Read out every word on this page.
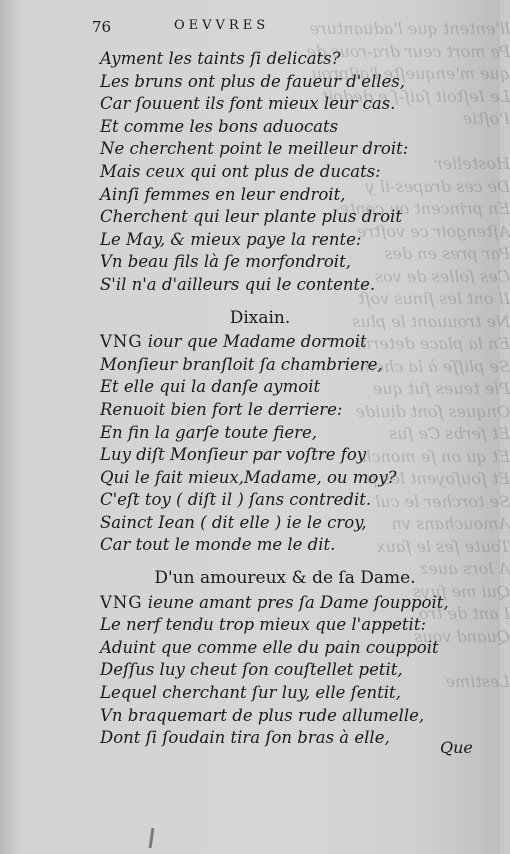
ll'entent que l'aduanture
Pe mort ceur dra-rous de
que m'enqueſte l'ailprou
Le Ieſtoit ſaiſ-ſ e dedoit
I'oſtie

Hostelier
De ces drapes-il y
En princent ou conte
Aſtengoir ce voſtre
Par pres en des
Ces ſolles de vos
Il ont les ſinus voſt
Ne trouuant le plus
En la place determ
Se pliſſe à la chem
Pie teues fut que
Onques ſont diuide
Et ferbs Ce ſus
Et qu on ſe monch
Et ſouſoyent les p
Se torcher le cul
Amouchans vn
Toute ſes le ſaux
A lors auez
Qui me ſuys
I ant de tro
Quand vous

Lestime
76	OEVVRES
Ayment les taints ſi delicats?
Les bruns ont plus de faueur d'elles,
Car ſouuent ils font mieux leur cas.
Et comme les bons aduocats
Ne cherchent point le meilleur droit:
Mais ceux qui ont plus de ducats:
Ainſi femmes en leur endroit,
Cherchent qui leur plante plus droit
Le May, & mieux paye la rente:
Vn beau fils là ſe morfondroit,
S'il n'a d'ailleurs qui le contente.
Dixain.
VNG iour que Madame dormoit
Monſieur branſloit ſa chambriere,
Et elle qui la danſe aymoit
Renuoit bien fort le derriere:
En fin la garſe toute fiere,
Luy diſt Monſieur par voſtre foy
Qui le fait mieux,Madame, ou moy?
C'eſt toy ( diſt il ) ſans contredit.
Sainct Iean ( dit elle ) ie le croy,
Car tout le monde me le dit.
D'un amoureux & de ſa Dame.
VNG ieune amant pres ſa Dame ſouppoit,
Le nerf tendu trop mieux que l'appetit:
Aduint que comme elle du pain couppoit
Deſſus luy cheut ſon couſtellet petit,
Lequel cherchant ſur luy, elle ſentit,
Vn braquemart de plus rude allumelle,
Dont ſi ſoudain tira ſon bras à elle,
Que
